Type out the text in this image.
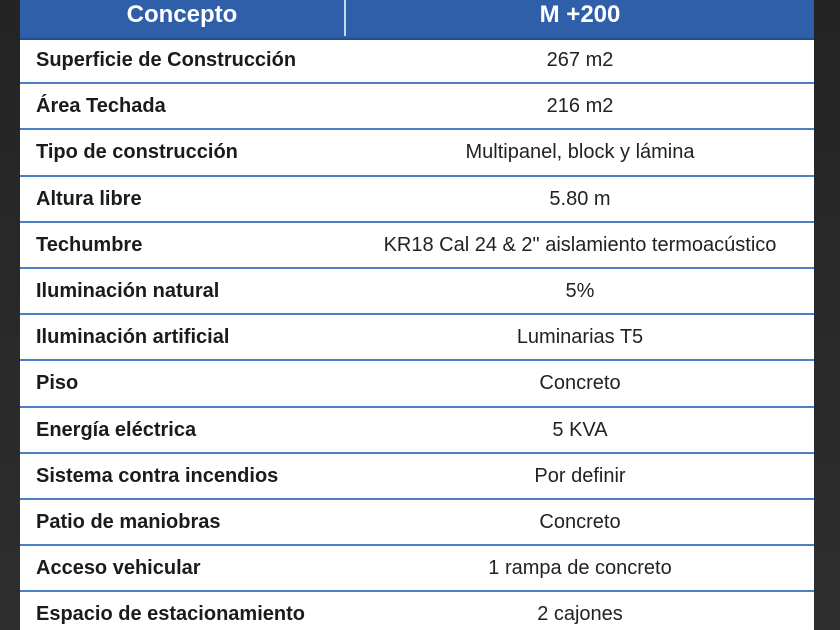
Concepto	M +200
Superficie de Construcción	267 m2
Área Techada	216 m2
Tipo de construcción	Multipanel, block y lámina
Altura libre	5.80 m
Techumbre	KR18 Cal 24 & 2" aislamiento termoacústico
Iluminación natural	5%
Iluminación artificial	Luminarias T5
Piso	Concreto
Energía eléctrica	5 KVA
Sistema contra incendios	Por definir
Patio de maniobras	Concreto
Acceso vehicular	1 rampa de concreto
Espacio de estacionamiento	2 cajones
